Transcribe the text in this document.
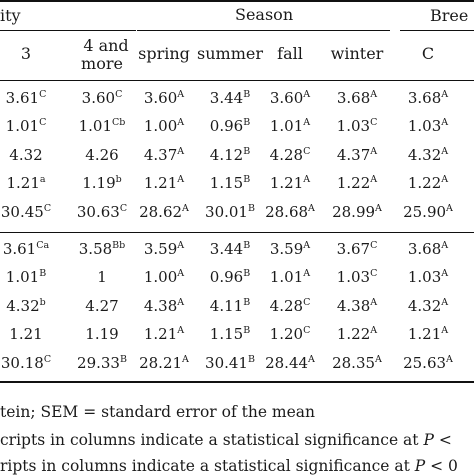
ity	Season	Bree
3	4 and
more
spring summer fall winter C
$3.61^C$ $3.60^C$ $3.60^A$ $3.44^B$ $3.60^A$ $3.68^A$ $3.68^A$
$1.01^C$ $1.01^{Cb}$ $1.00^A$ $0.96^B$ $1.01^A$ $1.03^C$ $1.03^A$
4.32	4.26 $4.37^A$ $4.12^B$ $4.28^C$ $4.37^A$ $4.32^A$
1.21$^a$ 1.19$^b$ $1.21^A$ $1.15^B$ $1.21^A$ $1.22^A$ $1.22^A$
$30.45^C$ $30.63^C$ $28.62^A$ $30.01^B$ $28.68^A$ $28.99^A$ $25.90^A$
$3.61^{Ca}$ $3.58^{Bb}$ $3.59^A$ $3.44^B$ $3.59^A$ $3.67^C$ $3.68^A$
$1.01^B$	1 $1.00^A$ $0.96^B$ $1.01^A$ $1.03^C$ $1.03^A$
4.32$^b$	4.27 $4.38^A$ $4.11^B$ $4.28^C$ $4.38^A$ $4.32^A$
1.21	1.19 $1.21^A$ $1.15^B$ $1.20^C$ $1.22^A$ $1.21^A$
$30.18^C$ $29.33^B$ $28.21^A$ $30.41^B$ $28.44^A$ $28.35^A$ $25.63^A$
tein; SEM = standard error of the mean
cripts in columns indicate a statistical significance at P <
ripts in columns indicate a statistical significance at P < 0
